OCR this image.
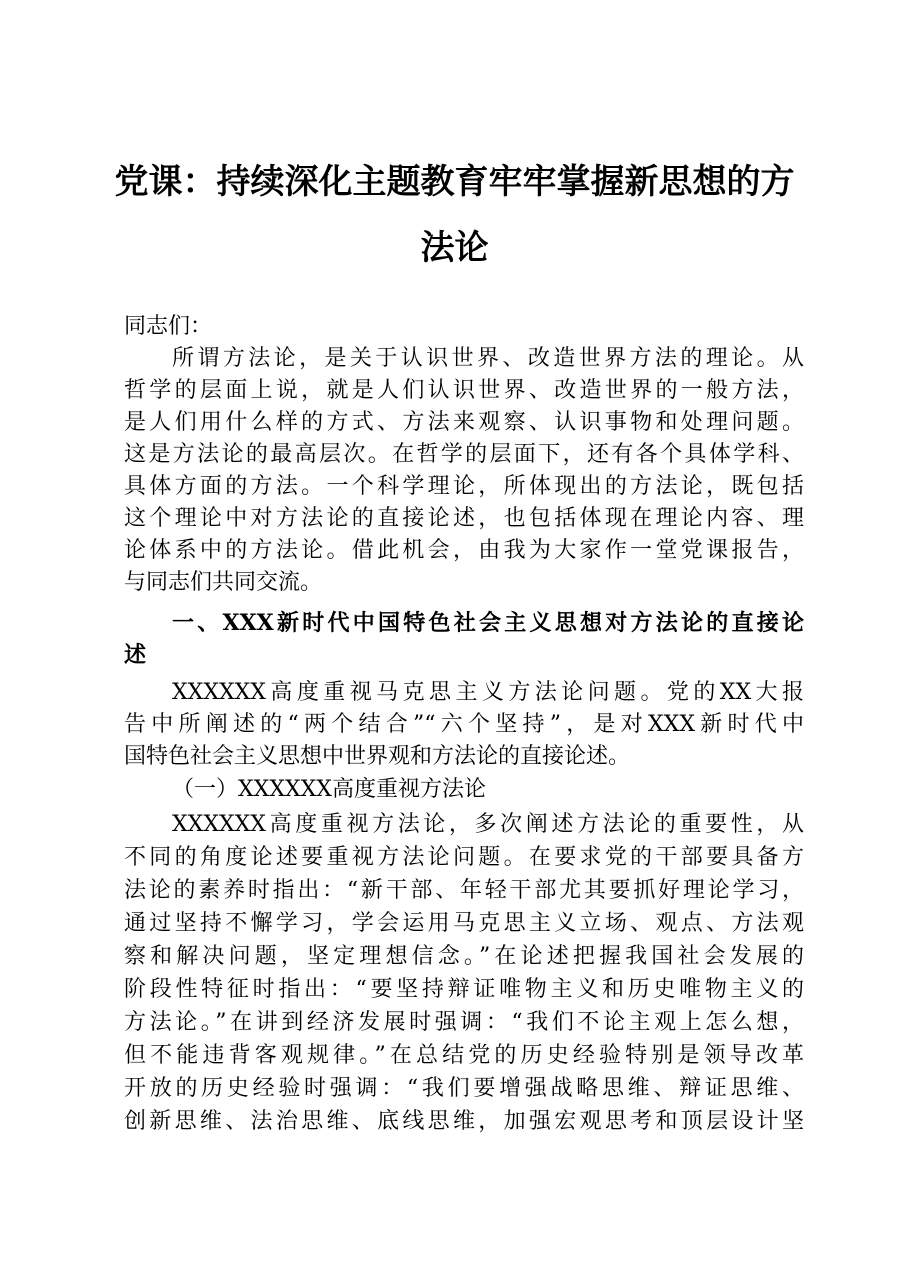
党课：持续深化主题教育牢牢掌握新思想的方
法论
同志们：
所谓方法论，是关于认识世界、改造世界方法的理论。从
哲学的层面上说，就是人们认识世界、改造世界的一般方法，
是人们用什么样的方式、方法来观察、认识事物和处理问题。
这是方法论的最高层次。在哲学的层面下，还有各个具体学科、
具体方面的方法。一个科学理论，所体现出的方法论，既包括
这个理论中对方法论的直接论述，也包括体现在理论内容、理
论体系中的方法论。借此机会，由我为大家作一堂党课报告，
与同志们共同交流。
一、XXX新时代中国特色社会主义思想对方法论的直接论
述
XXXXXX高度重视马克思主义方法论问题。党的XX大报
告中所阐述的“两个结合”“六个坚持”，是对XXX新时代中
国特色社会主义思想中世界观和方法论的直接论述。
（一）XXXXXX高度重视方法论
XXXXXX高度重视方法论，多次阐述方法论的重要性，从
不同的角度论述要重视方法论问题。在要求党的干部要具备方
法论的素养时指出：“新干部、年轻干部尤其要抓好理论学习，
通过坚持不懈学习，学会运用马克思主义立场、观点、方法观
察和解决问题，坚定理想信念。”在论述把握我国社会发展的
阶段性特征时指出：“要坚持辩证唯物主义和历史唯物主义的
方法论。”在讲到经济发展时强调：“我们不论主观上怎么想，
但不能违背客观规律。”在总结党的历史经验特别是领导改革
开放的历史经验时强调：“我们要增强战略思维、辩证思维、
创新思维、法治思维、底线思维，加强宏观思考和顶层设计坚
